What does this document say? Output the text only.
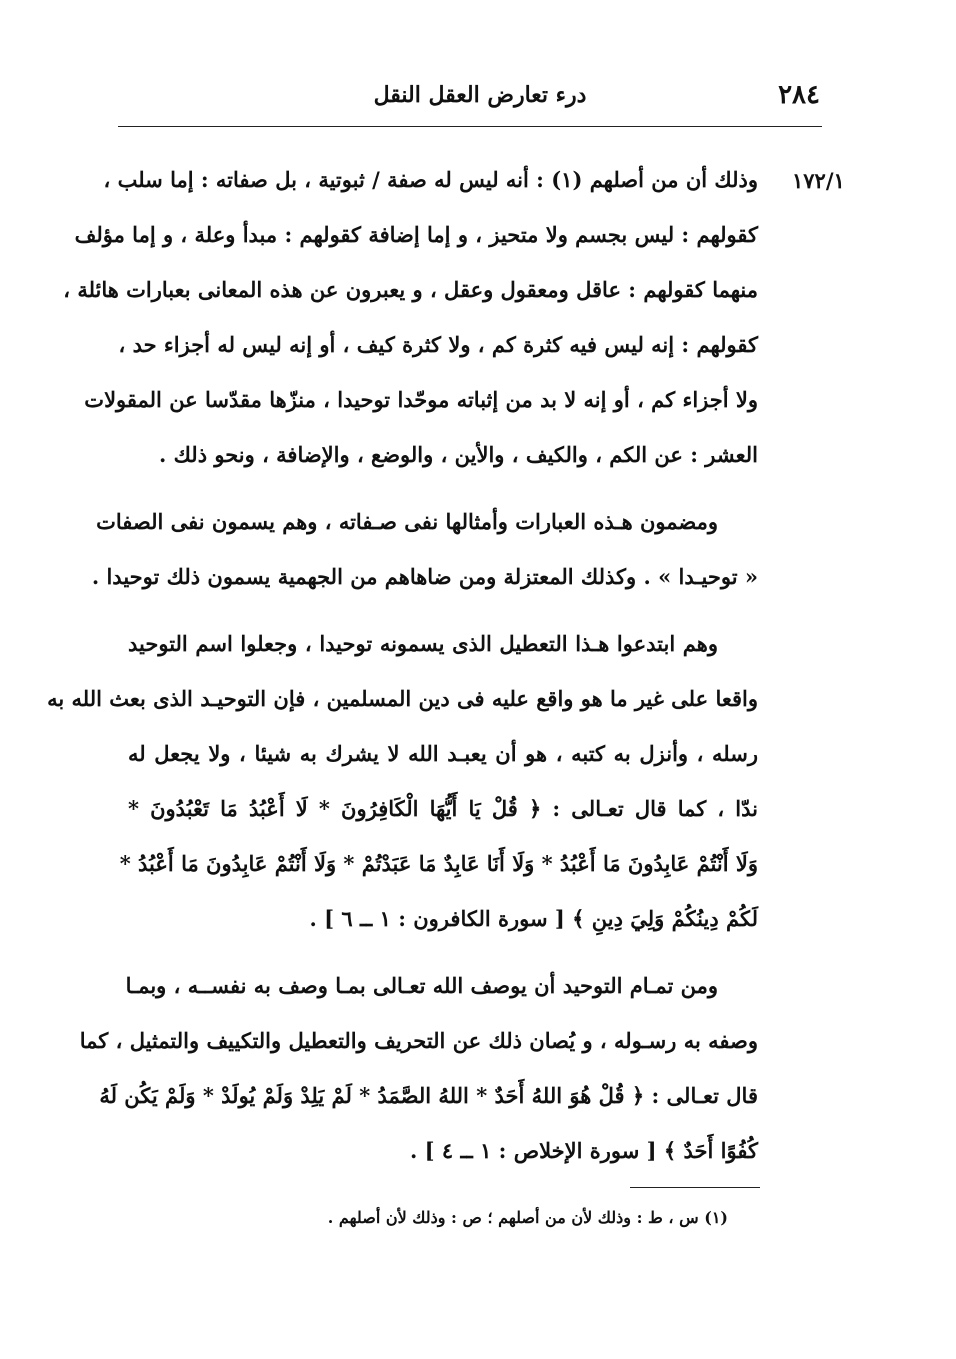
٢٨٤
درء تعارض العقل النقل
١٧٢/١
وذلك أن من أصلهم (١) : أنه ليس له صفة / ثبوتية ، بل صفاته : إما سلب ،
كقولهم : ليس بجسم ولا متحيز ، و إما إضافة كقولهم : مبدأ وعلة ، و إما مؤلف
منهما كقولهم : عاقل ومعقول وعقل ، و يعبرون عن هذه المعانى بعبارات هائلة ،
كقولهم : إنه ليس فيه كثرة كم ، ولا كثرة كيف ، أو إنه ليس له أجزاء حد ،
ولا أجزاء كم ، أو إنه لا بد من إثباته موحّدا توحيدا ، منزّها مقدّسا عن المقولات
العشر : عن الكم ، والكيف ، والأين ، والوضع ، والإضافة ، ونحو ذلك .
ومضمون هـذه العبارات وأمثالها نفى صـفاته ، وهم يسمون نفى الصفات
« توحيـدا » . وكذلك المعتزلة ومن ضاهاهم من الجهمية يسمون ذلك توحيدا .
وهم ابتدعوا هـذا التعطيل الذى يسمونه توحيدا ، وجعلوا اسم التوحيد
واقعا على غير ما هو واقع عليه فى دين المسلمين ، فإن التوحيـد الذى بعث الله به
رسله ، وأنزل به كتبه ، هو أن يعبـد الله لا يشرك به شيئا ، ولا يجعل له
ندّا ، كما قال تعـالى : ﴿ قُلْ يَا أَيُّهَا الْكَافِرُونَ * لَا أَعْبُدُ مَا تَعْبُدُونَ *
وَلَا أَنْتُمْ عَابِدُونَ مَا أَعْبُدُ * وَلَا أَنَا عَابِدٌ مَا عَبَدْتُمْ * وَلَا أَنْتُمْ عَابِدُونَ مَا أَعْبُدُ *
لَكُمْ دِينُكُمْ وَلِيَ دِينِ ﴾ [ سورة الكافرون : ١ ــ ٦ ] .
ومن تمـام التوحيد أن يوصف الله تعـالى بمـا وصف به نفســه ، وبمـا
وصفه به رسـوله ، و يُصان ذلك عن التحريف والتعطيل والتكييف والتمثيل ، كما
قال تعـالى : ﴿ قُلْ هُوَ اللهُ أَحَدٌ * اللهُ الصَّمَدُ * لَمْ يَلِدْ وَلَمْ يُولَدْ * وَلَمْ يَكُن لَهُ
كُفُوًا أَحَدٌ ﴾ [ سورة الإخلاص : ١ ــ ٤ ] .
(١) س ، ط : وذلك لأن من أصلهم ؛ ص : وذلك لأن أصلهم .
